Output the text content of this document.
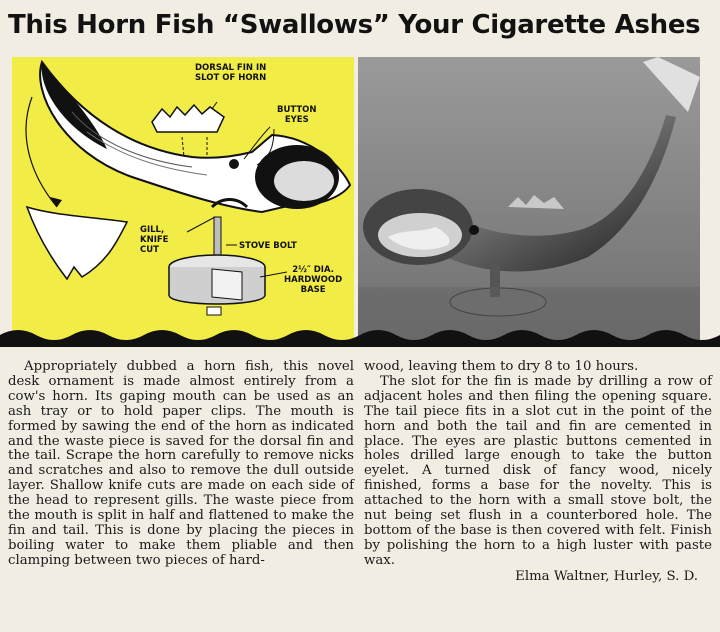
This Horn Fish “Swallows” Your Cigarette Ashes
DORSAL FIN IN
SLOT OF HORN
BUTTON
EYES
GILL,
KNIFE
CUT	STOVE BOLT
2½″ DIA.
HARDWOOD
BASE

Appropriately dubbed a horn fish, this novel desk ornament is made almost entirely from a cow's horn. Its gaping mouth can be used as an ash tray or to hold paper clips. The mouth is formed by sawing the end of the horn as indicated and the waste piece is saved for the dorsal fin and the tail. Scrape the horn carefully to remove nicks and scratches and also to remove the dull outside layer. Shallow knife cuts are made on each side of the head to represent gills. The waste piece from the mouth is split in half and flattened to make the fin and tail. This is done by placing the pieces in boiling water to make them pliable and then clamping between two pieces of hard-

wood, leaving them to dry 8 to 10 hours.

The slot for the fin is made by drilling a row of adjacent holes and then filing the opening square. The tail piece fits in a slot cut in the point of the horn and both the tail and fin are cemented in place. The eyes are plastic buttons cemented in holes drilled large enough to take the button eyelet. A turned disk of fancy wood, nicely finished, forms a base for the novelty. This is attached to the horn with a small stove bolt, the nut being set flush in a counterbored hole. The bottom of the base is then covered with felt. Finish by polishing the horn to a high luster with paste wax.

Elma Waltner, Hurley, S. D.
